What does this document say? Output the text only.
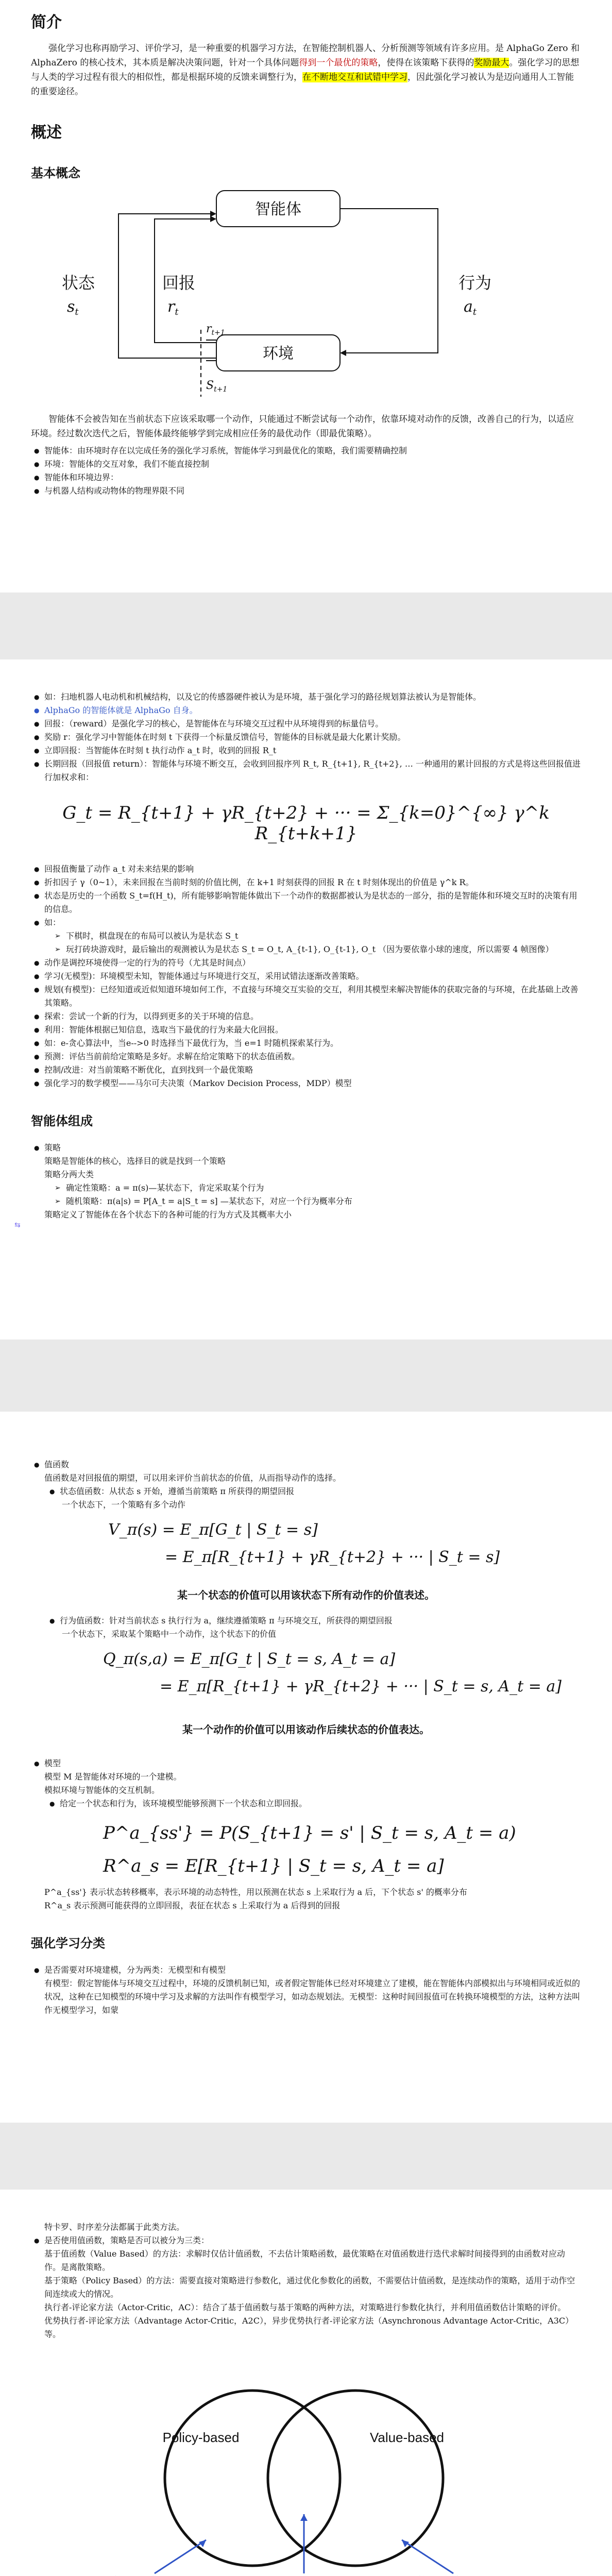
简介

强化学习也称再励学习、评价学习，是一种重要的机器学习方法，在智能控制机器人、分析预测等领域有许多应用。是 AlphaGo Zero 和 AlphaZero 的核心技术，其本质是解决决策问题，针对一个具体问题得到一个最优的策略，使得在该策略下获得的奖励最大。强化学习的思想与人类的学习过程有很大的相似性，都是根据环境的反馈来调整行为，在不断地交互和试错中学习，因此强化学习被认为是迈向通用人工智能的重要途径。

概述
基本概念
智能体
环境
状态
$s_t$
回报
$r_t$
行为
$a_t$
$r_{t+1}$
$S_{t+1}$

智能体不会被告知在当前状态下应该采取哪一个动作，只能通过不断尝试每一个动作，依靠环境对动作的反馈，改善自己的行为，以适应环境。经过数次迭代之后，智能体最终能够学到完成相应任务的最优动作（即最优策略）。

● 智能体：由环境时存在以完成任务的强化学习系统，智能体学习到最优化的策略，我们需要精确控制
● 环境：智能体的交互对象，我们不能直接控制
● 智能体和环境边界：
● 与机器人结构或动物体的物理界限不同
● 如：扫地机器人电动机和机械结构，以及它的传感器硬件被认为是环境，基于强化学习的路径规划算法被认为是智能体。
● AlphaGo 的智能体就是 AlphaGo 自身。
● 回报：（reward）是强化学习的核心，是智能体在与环境交互过程中从环境得到的标量信号。
● 奖励 r：强化学习中智能体在时刻 t 下获得一个标量反馈信号，智能体的目标就是最大化累计奖励。
● 立即回报：当智能体在时刻 t 执行动作 a_t 时，收到的回报 R_t
● 长期回报（回报值 return）：智能体与环境不断交互，会收到回报序列 R_t, R_{t+1}, R_{t+2}, … 一种通用的累计回报的方式是将这些回报值进行加权求和：
G_t = R_{t+1} + γR_{t+2} + ··· = Σ_{k=0}^{∞} γ^k R_{t+k+1}
● 回报值衡量了动作 a_t 对未来结果的影响
● 折扣因子 γ（0~1），未来回报在当前时刻的价值比例，在 k+1 时刻获得的回报 R 在 t 时刻体现出的价值是 γ^k R。
● 状态是历史的一个函数 S_t=f(H_t)，所有能够影响智能体做出下一个动作的数据都被认为是状态的一部分，指的是智能体和环境交互时的决策有用的信息。
● 如：
➢ 下棋时，棋盘现在的布局可以被认为是状态 S_t
➢ 玩打砖块游戏时，最后输出的观测被认为是状态 S_t = O_t, A_{t-1}, O_{t-1}, O_t （因为要依靠小球的速度，所以需要 4 帧图像）
● 动作是调控环境使得一定的行为的符号（尤其是时间点）
● 学习(无模型)：环境模型未知，智能体通过与环境进行交互，采用试错法逐渐改善策略。
● 规划(有模型)：已经知道或近似知道环境如何工作，不直接与环境交互实验的交互，利用其模型来解决智能体的获取完备的与环境，在此基础上改善其策略。
● 探索：尝试一个新的行为，以得到更多的关于环境的信息。
● 利用：智能体根据已知信息，选取当下最优的行为来最大化回报。
● 如：e-贪心算法中，当e-->0 时选择当下最优行为，当 e=1 时随机探索某行为。
● 预测：评估当前前给定策略是多好。求解在给定策略下的状态值函数。
● 控制/改进：对当前策略不断优化，直到找到一个最优策略
● 强化学习的数学模型——马尔可夫决策（Markov Decision Process，MDP）模型
智能体组成
● 策略
策略是智能体的核心，选择目的就是找到一个策略
策略分两大类
➢ 确定性策略：a = π(s)—某状态下，肯定采取某个行为
➢ 随机策略：π(a|s) = P[A_t = a|S_t = s] —某状态下，对应一个行为概率分布
策略定义了智能体在各个状态下的各种可能的行为方式及其概率大小
⇆
● 值函数
值函数是对回报值的期望，可以用来评价当前状态的价值，从而指导动作的选择。
● 状态值函数：从状态 s 开始，遵循当前策略 π 所获得的期望回报
一个状态下，一个策略有多个动作
V_π(s) = E_π[G_t | S_t = s]
= E_π[R_{t+1} + γR_{t+2} + ··· | S_t = s]
某一个状态的价值可以用该状态下所有动作的价值表述。
● 行为值函数：针对当前状态 s 执行行为 a，继续遵循策略 π 与环境交互，所获得的期望回报
一个状态下，采取某个策略中一个动作，这个状态下的价值
Q_π(s,a) = E_π[G_t | S_t = s, A_t = a]
= E_π[R_{t+1} + γR_{t+2} + ··· | S_t = s, A_t = a]
某一个动作的价值可以用该动作后续状态的价值表达。
● 模型
模型 M 是智能体对环境的一个建模。
模拟环境与智能体的交互机制。
● 给定一个状态和行为，该环境模型能够预测下一个状态和立即回报。
P^a_{ss'} = P(S_{t+1} = s' | S_t = s, A_t = a)
R^a_s = E[R_{t+1} | S_t = s, A_t = a]
P^a_{ss'} 表示状态转移概率，表示环境的动态特性，用以预测在状态 s 上采取行为 a 后，下个状态 s' 的概率分布
R^a_s 表示预测可能获得的立即回报，表征在状态 s 上采取行为 a 后得到的回报
强化学习分类
● 是否需要对环境建模，分为两类：无模型和有模型
有模型：假定智能体与环境交互过程中，环境的反馈机制已知，或者假定智能体已经对环境建立了建模，能在智能体内部模拟出与环境相同或近似的状况，这种在已知模型的环境中学习及求解的方法叫作有模型学习，如动态规划法。无模型：这种时间回报值可在转换环境模型的方法，这种方法叫作无模型学习，如蒙
特卡罗、时序差分法都属于此类方法。
● 是否使用值函数，策略是否可以被分为三类：
基于值函数（Value Based）的方法：求解时仅估计值函数，不去估计策略函数，最优策略在对值函数进行迭代求解时间接得到的由函数对应动作。是离散策略。
基于策略（Policy Based）的方法：需要直接对策略进行参数化，通过优化参数化的函数，不需要估计值函数，是连续动作的策略，适用于动作空间连续或大的情况。
执行者-评论家方法（Actor-Critic，AC）：结合了基于值函数与基于策略的两种方法，对策略进行参数化执行，并利用值函数估计策略的评价。
优势执行者-评论家方法（Advantage Actor-Critic，A2C），异步优势执行者-评论家方法（Asynchronous Advantage Actor-Critic，A3C）等。
Policy-based	Value-based
